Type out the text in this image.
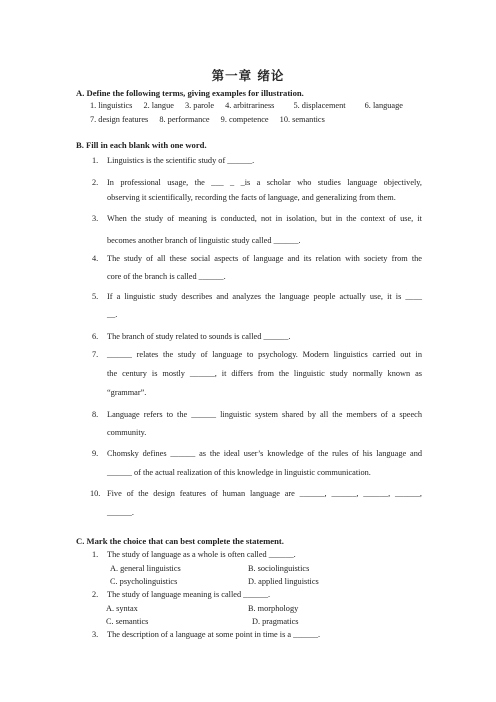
第一章 绪论
A. Define the following terms, giving examples for illustration.
1. linguistics 2. langue 3. parole 4. arbitrariness 5. displacement 6. language
7. design features 8. performance 9. competence 10. semantics
B. Fill in each blank with one word.
1. Linguistics is the scientific study of ______.
2. In professional usage, the ___ _ _is a scholar who studies language objectively,
observing it scientifically, recording the facts of language, and generalizing from them.
3. When the study of meaning is conducted, not in isolation, but in the context of use, it
becomes another branch of linguistic study called ______.
4. The study of all these social aspects of language and its relation with society from the
core of the branch is called ______.
5. If a linguistic study describes and analyzes the language people actually use, it is ____
__.
6. The branch of study related to sounds is called ______.
7. ______ relates the study of language to psychology. Modern linguistics carried out in
the century is mostly ______, it differs from the linguistic study normally known as
“grammar”.
8. Language refers to the ______ linguistic system shared by all the members of a speech
community.
9. Chomsky defines ______ as the ideal user’s knowledge of the rules of his language and
______ of the actual realization of this knowledge in linguistic communication.
10. Five of the design features of human language are ______, ______, ______, ______,
______.
C. Mark the choice that can best complete the statement.
1. The study of language as a whole is often called ______.
A. general linguistics	B. sociolinguistics
C. psycholinguistics	D. applied linguistics
2. The study of language meaning is called ______.
A. syntax	B. morphology
C. semantics	D. pragmatics
3. The description of a language at some point in time is a ______.
